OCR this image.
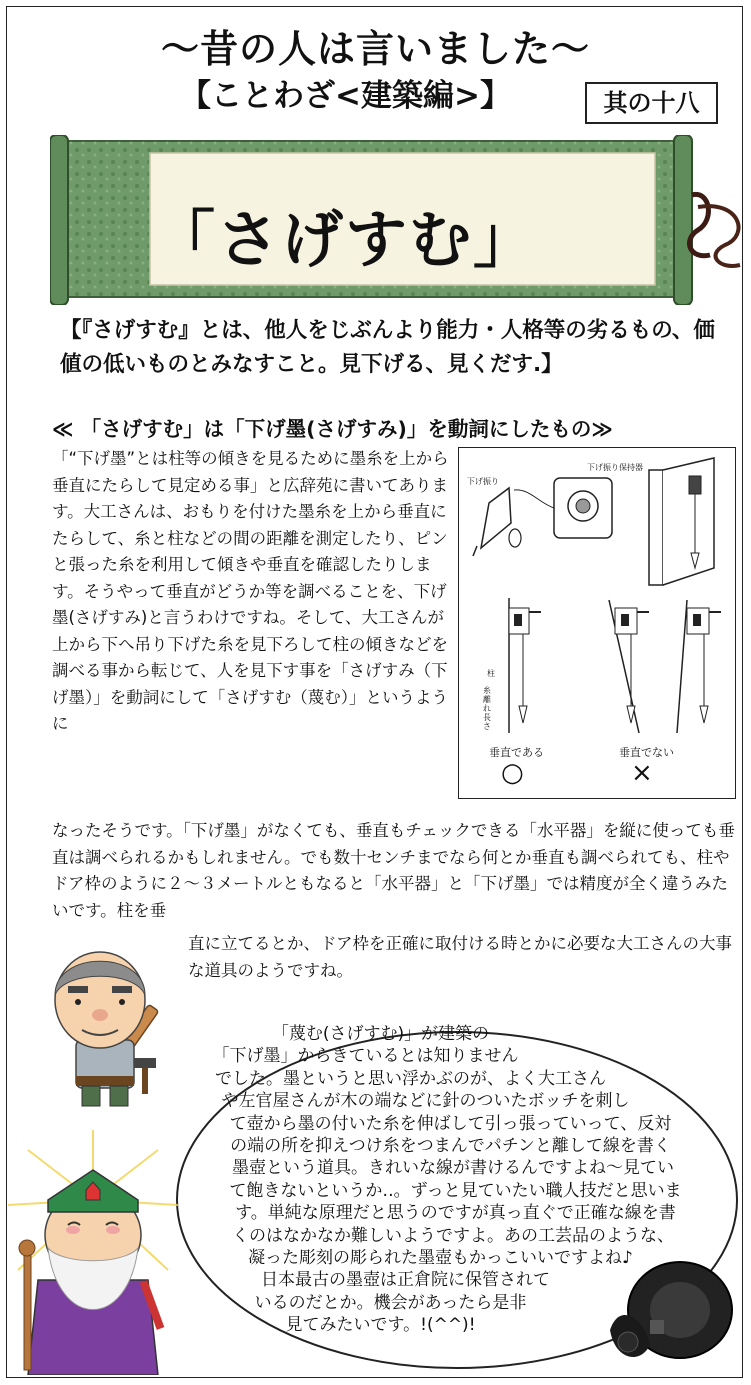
～昔の人は言いました～
【ことわざ<建築編>】	其の十八
「さげすむ」

【『さげすむ』とは、他人をじぶんより能力・人格等の劣るもの、価値の低いものとみなすこと。見下げる、見くだす.】

≪ 「さげすむ」は「下げ墨(さげすみ)」を動詞にしたもの≫

「“下げ墨”とは柱等の傾きを見るために墨糸を上から垂直にたらして見定める事」と広辞苑に書いてあります。大工さんは、おもりを付けた墨糸を上から垂直にたらして、糸と柱などの間の距離を測定したり、ピンと張った糸を利用して傾きや垂直を確認したりします。そうやって垂直がどうか等を調べることを、下げ墨(さげすみ)と言うわけですね。そして、大工さんが上から下へ吊り下げた糸を見下ろして柱の傾きなどを調べる事から転じて、人を見下す事を「さげすみ（下げ墨）」を動詞にして「さげすむ（蔑む）」というように

なったそうです。「下げ墨」がなくても、垂直もチェックできる「水平器」を縦に使っても垂直は調べられるかもしれません。でも数十センチまでなら何とか垂直も調べられても、柱やドア枠のように２～３メートルともなると「水平器」と「下げ墨」では精度が全く違うみたいです。柱を垂

直に立てるとか、ドア枠を正確に取付ける時とかに必要な大工さんの大事な道具のようですね。

下げ振り
下げ振り保持器
柱
糸離れ長さ
垂直である	垂直でない
○	×
「蔑む(さげすむ)」が建築の
「下げ墨」からきているとは知りません
でした。墨というと思い浮かぶのが、よく大工さん
や左官屋さんが木の端などに針のついたボッチを刺し
て壺から墨の付いた糸を伸ばして引っ張っていって、反対
の端の所を抑えつけ糸をつまんでパチンと離して線を書く
墨壺という道具。きれいな線が書けるんですよね～見てい
て飽きないというか‥。ずっと見ていたい職人技だと思いま
す。単純な原理だと思うのですが真っ直ぐで正確な線を書
くのはなかなか難しいようですよ。あの工芸品のような、
凝った彫刻の彫られた墨壺もかっこいいですよね♪
日本最古の墨壺は正倉院に保管されて
いるのだとか。機会があったら是非
見てみたいです。!(^^)!
